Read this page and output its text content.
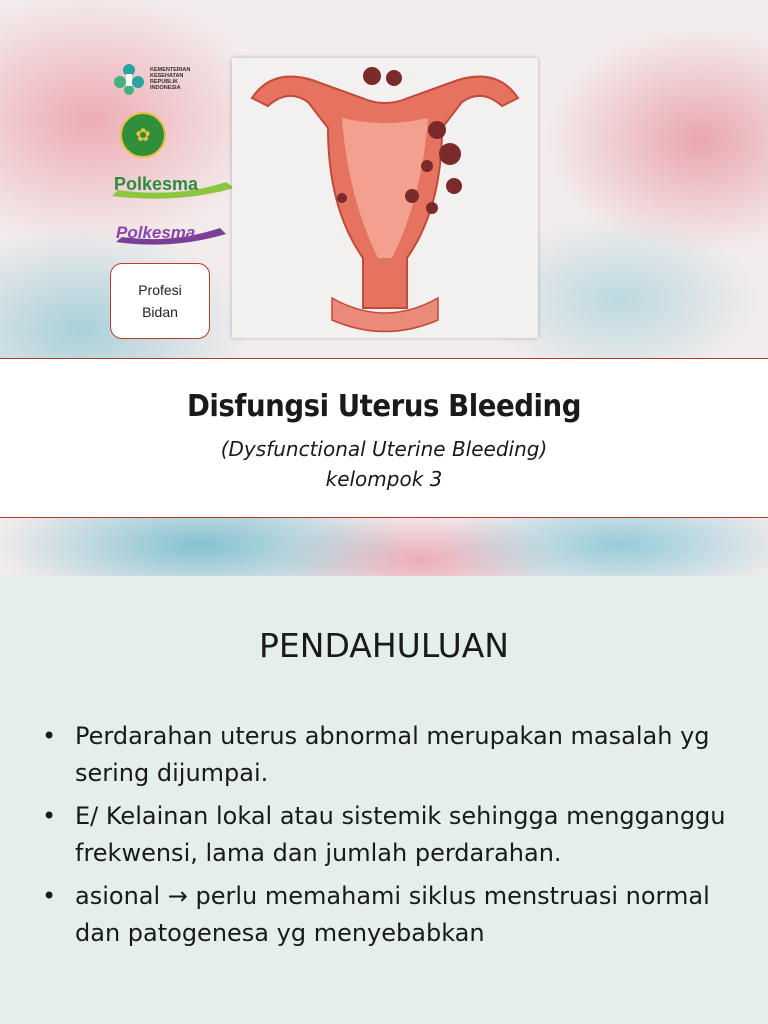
KEMENTERIAN
KESEHATAN
REPUBLIK
INDONESIA
✿
Polkesma
Polkesma
Profesi
Bidan
Disfungsi Uterus Bleeding
(Dysfunctional Uterine Bleeding)
kelompok 3
PENDAHULUAN
• Perdarahan uterus abnormal merupakan masalah yg sering dijumpai.
• E/ Kelainan lokal atau sistemik sehingga mengganggu frekwensi, lama dan jumlah perdarahan.
• asional → perlu memahami siklus menstruasi normal dan patogenesa yg menyebabkan
